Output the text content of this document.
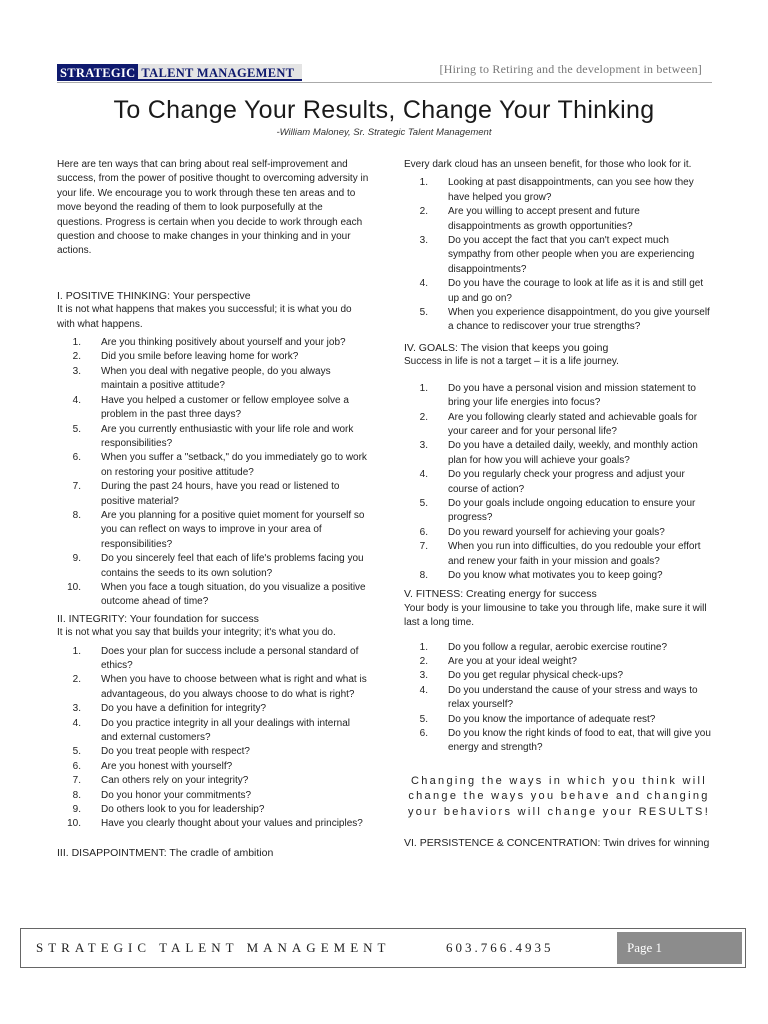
STRATEGIC TALENT MANAGEMENT	[Hiring to Retiring and the development in between]
To Change Your Results, Change Your Thinking
-William Maloney, Sr. Strategic Talent Management

Here are ten ways that can bring about real self-improvement and success, from the power of positive thought to overcoming adversity in your life. We encourage you to work through these ten areas and to move beyond the reading of them to look purposefully at the questions. Progress is certain when you decide to work through each question and choose to make changes in your thinking and in your actions.

I. POSITIVE THINKING: Your perspective
It is not what happens that makes you successful; it is what you do with what happens.
1.	Are you thinking positively about yourself and your job?
2.	Did you smile before leaving home for work?
3.	When you deal with negative people, do you always maintain a positive attitude?
4.	Have you helped a customer or fellow employee solve a problem in the past three days?
5.	Are you currently enthusiastic with your life role and work responsibilities?
6.	When you suffer a "setback," do you immediately go to work on restoring your positive attitude?
7.	During the past 24 hours, have you read or listened to positive material?
8.	Are you planning for a positive quiet moment for yourself so you can reflect on ways to improve in your area of responsibilities?
9.	Do you sincerely feel that each of life's problems facing you contains the seeds to its own solution?
10.	When you face a tough situation, do you visualize a positive outcome ahead of time?
II. INTEGRITY: Your foundation for success
It is not what you say that builds your integrity; it's what you do.
1.	Does your plan for success include a personal standard of ethics?
2.	When you have to choose between what is right and what is advantageous, do you always choose to do what is right?
3.	Do you have a definition for integrity?
4.	Do you practice integrity in all your dealings with internal and external customers?
5.	Do you treat people with respect?
6.	Are you honest with yourself?
7.	Can others rely on your integrity?
8.	Do you honor your commitments?
9.	Do others look to you for leadership?
10.	Have you clearly thought about your values and principles?
III. DISAPPOINTMENT: The cradle of ambition
Every dark cloud has an unseen benefit, for those who look for it.
1.	Looking at past disappointments, can you see how they have helped you grow?
2.	Are you willing to accept present and future disappointments as growth opportunities?
3.	Do you accept the fact that you can't expect much sympathy from other people when you are experiencing disappointments?
4.	Do you have the courage to look at life as it is and still get up and go on?
5.	When you experience disappointment, do you give yourself a chance to rediscover your true strengths?
IV. GOALS: The vision that keeps you going
Success in life is not a target – it is a life journey.
1.	Do you have a personal vision and mission statement to bring your life energies into focus?
2.	Are you following clearly stated and achievable goals for your career and for your personal life?
3.	Do you have a detailed daily, weekly, and monthly action plan for how you will achieve your goals?
4.	Do you regularly check your progress and adjust your course of action?
5.	Do your goals include ongoing education to ensure your progress?
6.	Do you reward yourself for achieving your goals?
7.	When you run into difficulties, do you redouble your effort and renew your faith in your mission and goals?
8.	Do you know what motivates you to keep going?
V. FITNESS: Creating energy for success
Your body is your limousine to take you through life, make sure it will last a long time.
1.	Do you follow a regular, aerobic exercise routine?
2.	Are you at your ideal weight?
3.	Do you get regular physical check-ups?
4.	Do you understand the cause of your stress and ways to relax yourself?
5.	Do you know the importance of adequate rest?
6.	Do you know the right kinds of food to eat, that will give you energy and strength?
Changing the ways in which you think will change the ways you behave and changing your behaviors will change your RESULTS!
VI. PERSISTENCE & CONCENTRATION: Twin drives for winning
STRATEGIC TALENT MANAGEMENT	603.766.4935	Page 1
